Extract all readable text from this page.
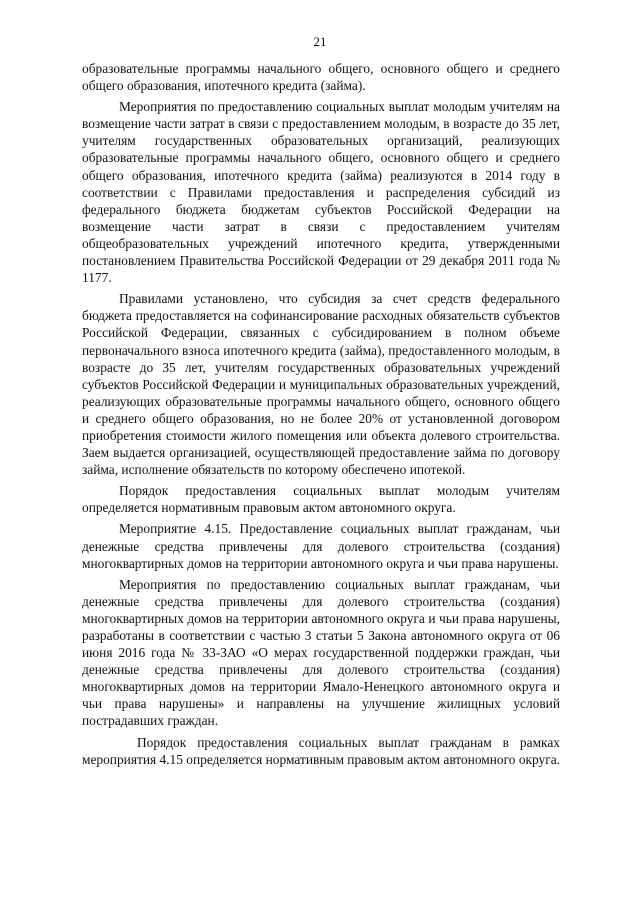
21

образовательные программы начального общего, основного общего и среднего общего образования, ипотечного кредита (займа).

Мероприятия по предоставлению социальных выплат молодым учителям на возмещение части затрат в связи с предоставлением молодым, в возрасте до 35 лет, учителям государственных образовательных организаций, реализующих образовательные программы начального общего, основного общего и среднего общего образования, ипотечного кредита (займа) реализуются в 2014 году в соответствии с Правилами предоставления и распределения субсидий из федерального бюджета бюджетам субъектов Российской Федерации на возмещение части затрат в связи с предоставлением учителям общеобразовательных учреждений ипотечного кредита, утвержденными постановлением Правительства Российской Федерации от 29 декабря 2011 года № 1177.

Правилами установлено, что субсидия за счет средств федерального бюджета предоставляется на софинансирование расходных обязательств субъектов Российской Федерации, связанных с субсидированием в полном объеме первоначального взноса ипотечного кредита (займа), предоставленного молодым, в возрасте до 35 лет, учителям государственных образовательных учреждений субъектов Российской Федерации и муниципальных образовательных учреждений, реализующих образовательные программы начального общего, основного общего и среднего общего образования, но не более 20% от установленной договором приобретения стоимости жилого помещения или объекта долевого строительства. Заем выдается организацией, осуществляющей предоставление займа по договору займа, исполнение обязательств по которому обеспечено ипотекой.

Порядок предоставления социальных выплат молодым учителям определяется нормативным правовым актом автономного округа.

Мероприятие 4.15. Предоставление социальных выплат гражданам, чьи денежные средства привлечены для долевого строительства (создания) многоквартирных домов на территории автономного округа и чьи права нарушены.

Мероприятия по предоставлению социальных выплат гражданам, чьи денежные средства привлечены для долевого строительства (создания) многоквартирных домов на территории автономного округа и чьи права нарушены, разработаны в соответствии с частью 3 статьи 5 Закона автономного округа от 06 июня 2016 года № 33-ЗАО «О мерах государственной поддержки граждан, чьи денежные средства привлечены для долевого строительства (создания) многоквартирных домов на территории Ямало-Ненецкого автономного округа и чьи права нарушены» и направлены на улучшение жилищных условий пострадавших граждан.

Порядок предоставления социальных выплат гражданам в рамках мероприятия 4.15 определяется нормативным правовым актом автономного округа.
